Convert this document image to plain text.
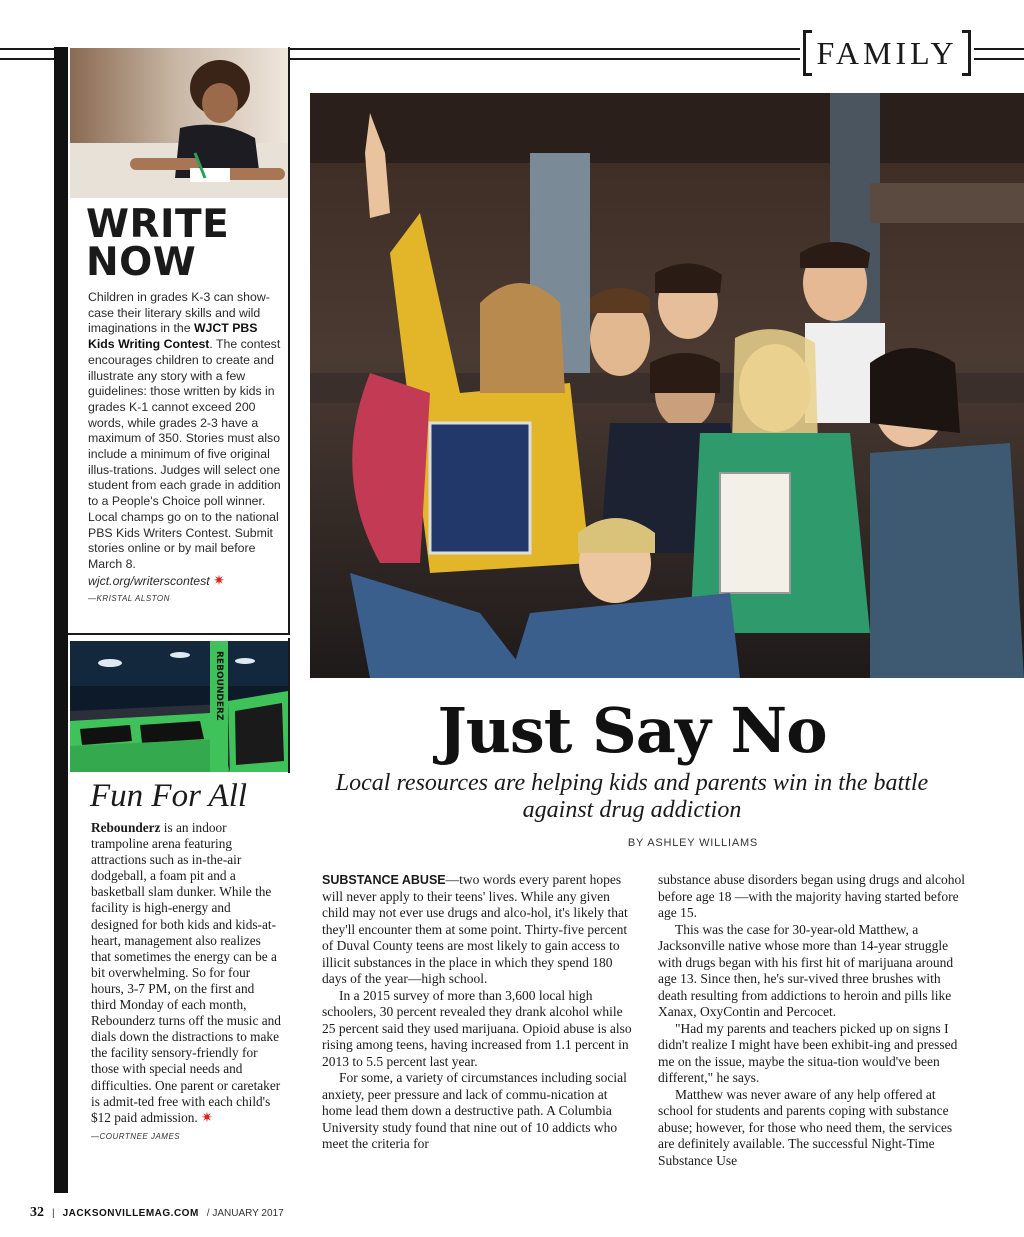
FAMILY
WRITE
NOW
Children in grades K-3 can show-case their literary skills and wild imaginations in the WJCT PBS Kids Writing Contest. The contest encourages children to create and illustrate any story with a few guidelines: those written by kids in grades K-1 cannot exceed 200 words, while grades 2-3 have a maximum of 350. Stories must also include a minimum of five original illus-trations. Judges will select one student from each grade in addition to a People's Choice poll winner. Local champs go on to the national PBS Kids Writers Contest. Submit stories online or by mail before March 8.
wjct.org/writerscontest ✷
—KRISTAL ALSTON
REBOUNDERZ
Fun For All
Rebounderz is an indoor trampoline arena featuring attractions such as in-the-air dodgeball, a foam pit and a basketball slam dunker. While the facility is high-energy and designed for both kids and kids-at-heart, management also realizes that sometimes the energy can be a bit overwhelming. So for four hours, 3-7 PM, on the first and third Monday of each month, Rebounderz turns off the music and dials down the distractions to make the facility sensory-friendly for those with special needs and difficulties. One parent or caretaker is admit-ted free with each child's $12 paid admission. ✷
—COURTNEE JAMES
Just Say No
Local resources are helping kids and parents win in the battle against drug addiction
BY ASHLEY WILLIAMS

SUBSTANCE ABUSE—two words every parent hopes will never apply to their teens' lives. While any given child may not ever use drugs and alco-hol, it's likely that they'll encounter them at some point. Thirty-five percent of Duval County teens are most likely to gain access to illicit substances in the place in which they spend 180 days of the year—high school.

In a 2015 survey of more than 3,600 local high schoolers, 30 percent revealed they drank alcohol while 25 percent said they used marijuana. Opioid abuse is also rising among teens, having increased from 1.1 percent in 2013 to 5.5 percent last year.

For some, a variety of circumstances including social anxiety, peer pressure and lack of commu-nication at home lead them down a destructive path. A Columbia University study found that nine out of 10 addicts who meet the criteria for

substance abuse disorders began using drugs and alcohol before age 18 —with the majority having started before age 15.

This was the case for 30-year-old Matthew, a Jacksonville native whose more than 14-year struggle with drugs began with his first hit of marijuana around age 13. Since then, he's sur-vived three brushes with death resulting from addictions to heroin and pills like Xanax, OxyContin and Percocet.

"Had my parents and teachers picked up on signs I didn't realize I might have been exhibit-ing and pressed me on the issue, maybe the situa-tion would've been different," he says.

Matthew was never aware of any help offered at school for students and parents coping with substance abuse; however, for those who need them, the services are definitely available. The successful Night-Time Substance Use

32 | JACKSONVILLEMAG.COM / JANUARY 2017
